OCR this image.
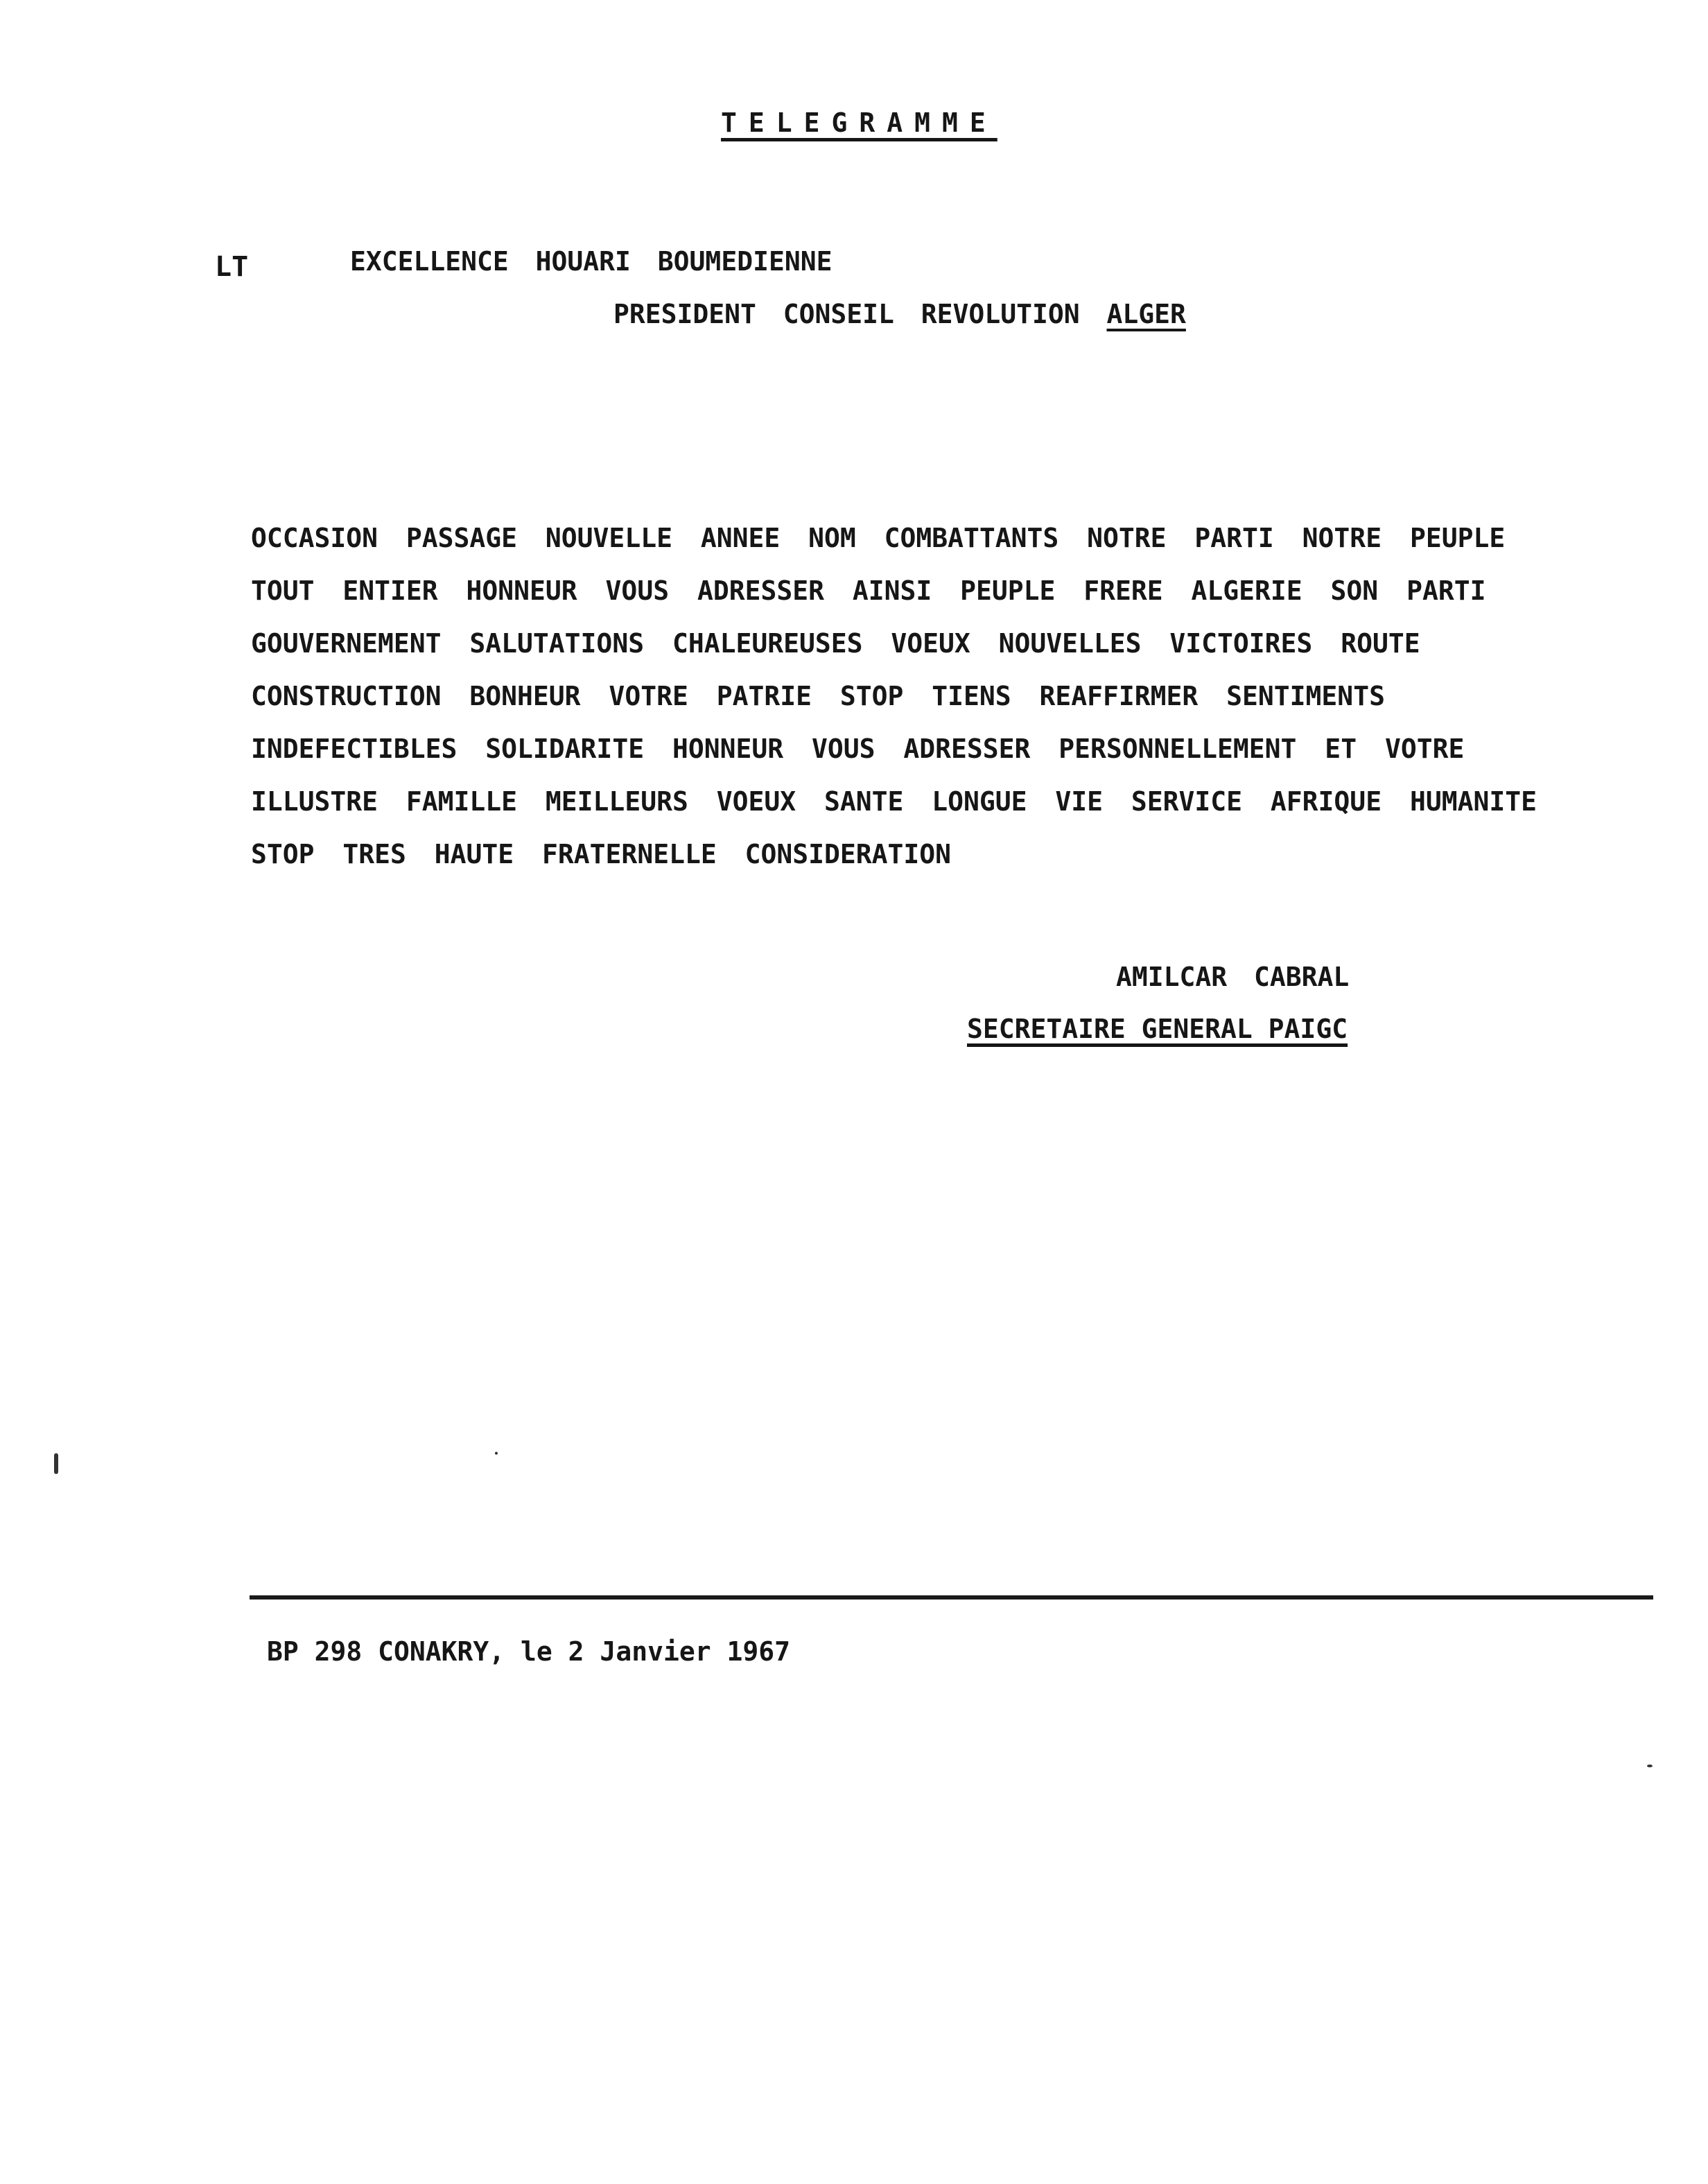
TELEGRAMME
LT	EXCELLENCE HOUARI BOUMEDIENNE
PRESIDENT CONSEIL REVOLUTION ALGER
OCCASION PASSAGE NOUVELLE ANNEE NOM COMBATTANTS NOTRE PARTI NOTRE PEUPLE
TOUT ENTIER HONNEUR VOUS ADRESSER AINSI PEUPLE FRERE ALGERIE SON PARTI
GOUVERNEMENT SALUTATIONS CHALEUREUSES VOEUX NOUVELLES VICTOIRES ROUTE
CONSTRUCTION BONHEUR VOTRE PATRIE STOP TIENS REAFFIRMER SENTIMENTS
INDEFECTIBLES SOLIDARITE HONNEUR VOUS ADRESSER PERSONNELLEMENT ET VOTRE
ILLUSTRE FAMILLE MEILLEURS VOEUX SANTE LONGUE VIE SERVICE AFRIQUE HUMANITE
STOP TRES HAUTE FRATERNELLE CONSIDERATION
AMILCAR CABRAL
SECRETAIRE GENERAL PAIGC
BP 298 CONAKRY, le 2 Janvier 1967
